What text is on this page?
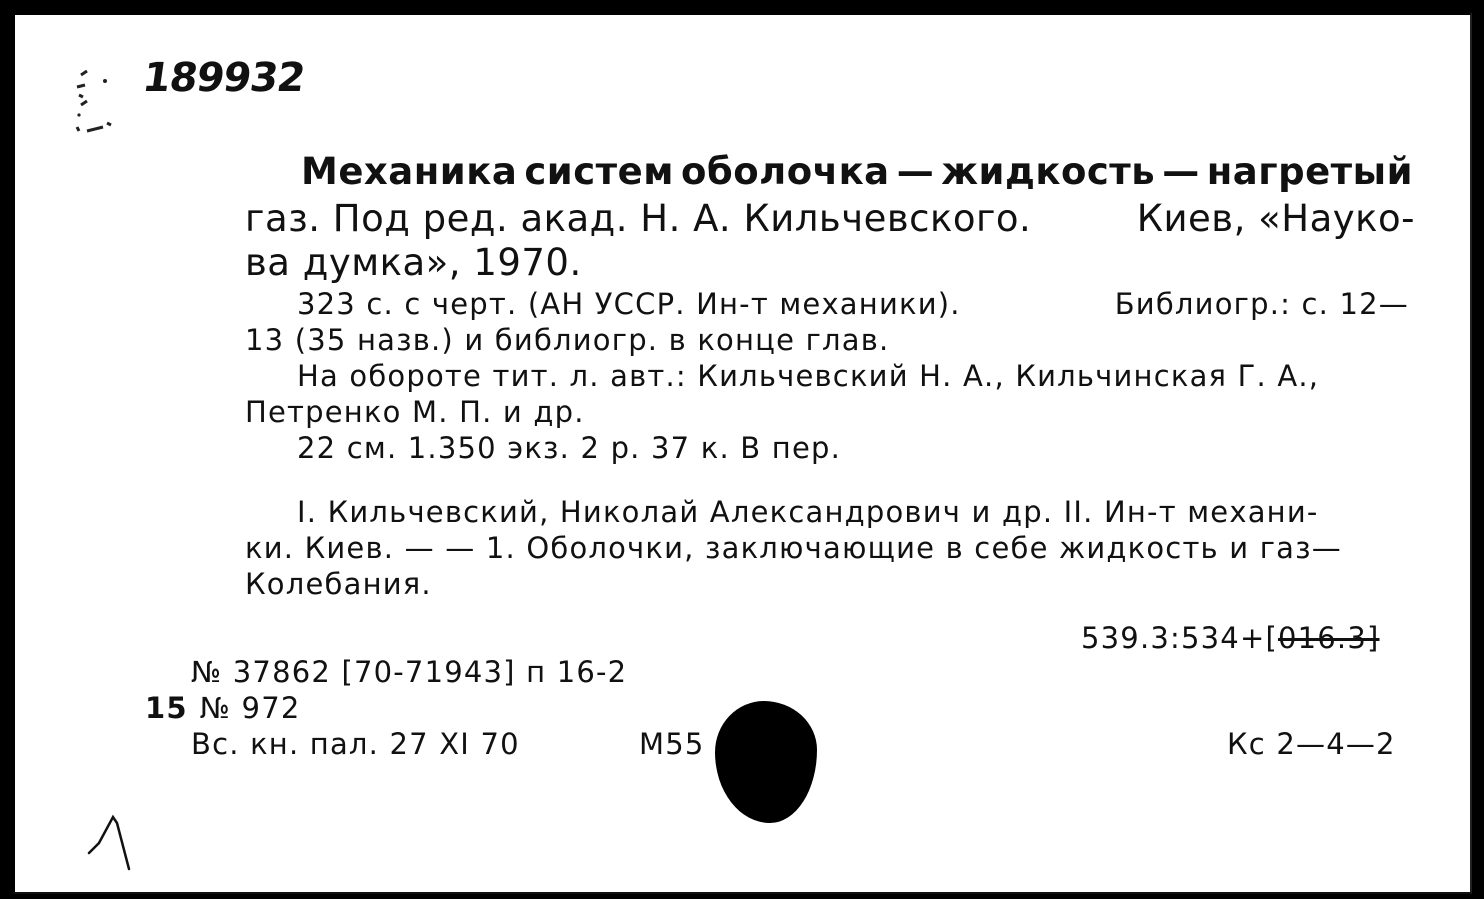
189932
Механика систем оболочка — жидкость — нагретый
газ. Под ред. акад. Н. А. Кильчевского.	Киев, «Науко-
ва думка», 1970.
323 с. с черт. (АН УССР. Ин-т механики).	Библиогр.: с. 12—
13 (35 назв.) и библиогр. в конце глав.
На обороте тит. л. авт.: Кильчевский Н. А., Кильчинская Г. А.,
Петренко М. П. и др.
22 см. 1.350 экз. 2 р. 37 к. В пер.
I. Кильчевский, Николай Александрович и др. II. Ин-т механи-
ки. Киев. — — 1. Оболочки, заключающие в себе жидкость и газ—
Колебания.
539.3:534+[016.3]
№ 37862 [70-71943] п 16-2
15 № 972
Вс. кн. пал. 27 XI 70	М55	Кс 2—4—2
